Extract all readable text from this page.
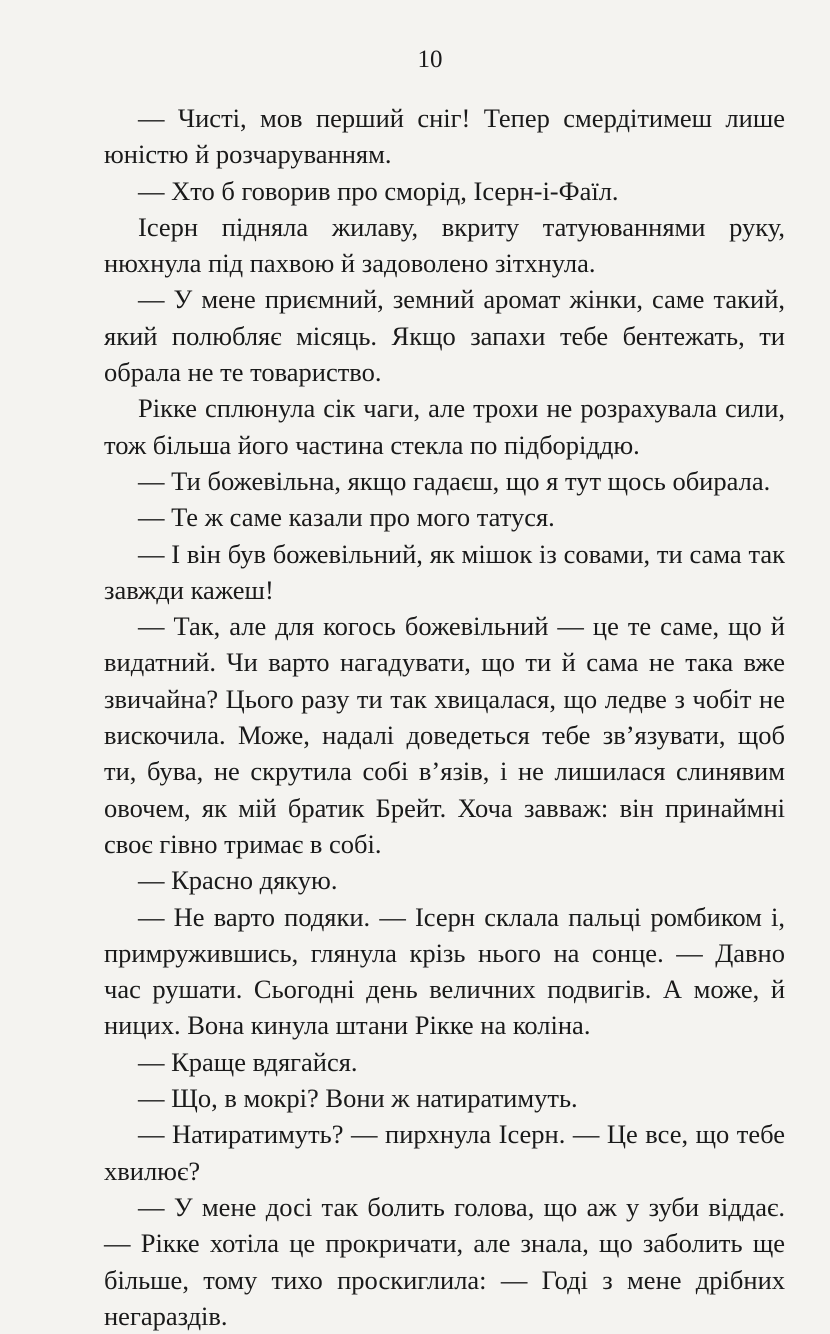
10

— Чисті, мов перший сніг! Тепер смердітимеш лише юністю й розчаруванням.

— Хто б говорив про сморід, Ісерн-і-Фаїл.

Ісерн підняла жилаву, вкриту татуюваннями руку, нюхнула під пахвою й задоволено зітхнула.

— У мене приємний, земний аромат жінки, саме такий, який полюбляє місяць. Якщо запахи тебе бентежать, ти обрала не те товариство.

Рікке сплюнула сік чаги, але трохи не розрахувала сили, тож більша його частина стекла по підборіддю.

— Ти божевільна, якщо гадаєш, що я тут щось обирала.

— Те ж саме казали про мого татуся.

— І він був божевільний, як мішок із совами, ти сама так завжди кажеш!

— Так, але для когось божевільний — це те саме, що й видатний. Чи варто нагадувати, що ти й сама не така вже звичайна? Цього разу ти так хвицалася, що ледве з чобіт не вискочила. Може, надалі доведеться тебе зв’язувати, щоб ти, бува, не скрутила собі в’язів, і не лишилася слинявим овочем, як мій братик Брейт. Хоча завваж: він принаймні своє гівно тримає в собі.

— Красно дякую.

— Не варто подяки. — Ісерн склала пальці ромбиком і, примружившись, глянула крізь нього на сонце. — Давно час рушати. Сьогодні день величних подвигів. А може, й ницих. Вона кинула штани Рікке на коліна.

— Краще вдягайся.

— Що, в мокрі? Вони ж натиратимуть.

— Натиратимуть? — пирхнула Ісерн. — Це все, що тебе хвилює?

— У мене досі так болить голова, що аж у зуби віддає. — Рікке хотіла це прокричати, але знала, що заболить ще більше, тому тихо проскиглила: — Годі з мене дрібних негараздів.
